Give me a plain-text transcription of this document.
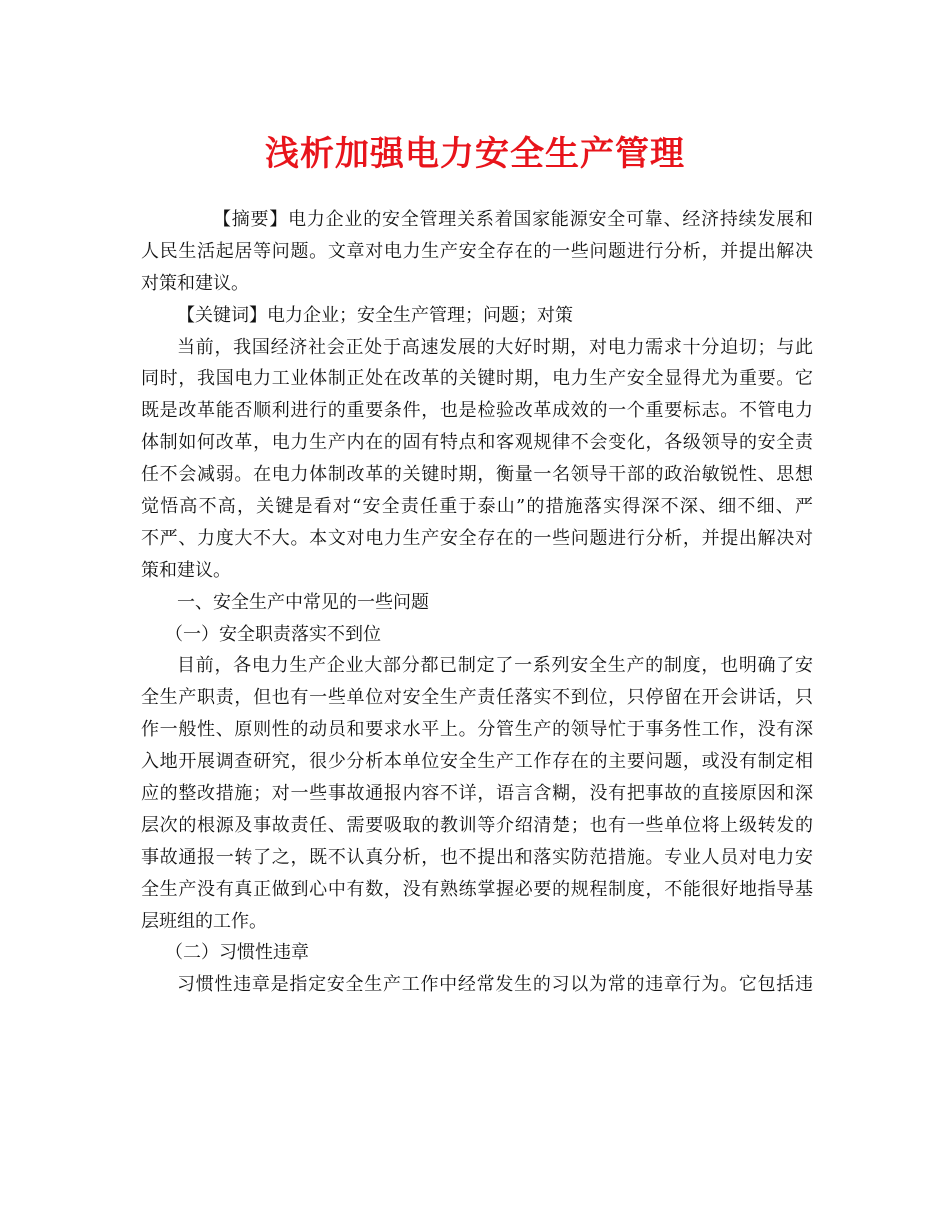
浅析加强电力安全生产管理
【摘要】电力企业的安全管理关系着国家能源安全可靠、经济持续发展和
人民生活起居等问题。文章对电力生产安全存在的一些问题进行分析，并提出解决
对策和建议。
【关键词】电力企业；安全生产管理；问题；对策
当前，我国经济社会正处于高速发展的大好时期，对电力需求十分迫切；与此
同时，我国电力工业体制正处在改革的关键时期，电力生产安全显得尤为重要。它
既是改革能否顺利进行的重要条件，也是检验改革成效的一个重要标志。不管电力
体制如何改革，电力生产内在的固有特点和客观规律不会变化，各级领导的安全责
任不会减弱。在电力体制改革的关键时期，衡量一名领导干部的政治敏锐性、思想
觉悟高不高，关键是看对“安全责任重于泰山”的措施落实得深不深、细不细、严
不严、力度大不大。本文对电力生产安全存在的一些问题进行分析，并提出解决对
策和建议。
一、安全生产中常见的一些问题
（一）安全职责落实不到位
目前，各电力生产企业大部分都已制定了一系列安全生产的制度，也明确了安
全生产职责，但也有一些单位对安全生产责任落实不到位，只停留在开会讲话，只
作一般性、原则性的动员和要求水平上。分管生产的领导忙于事务性工作，没有深
入地开展调查研究，很少分析本单位安全生产工作存在的主要问题，或没有制定相
应的整改措施；对一些事故通报内容不详，语言含糊，没有把事故的直接原因和深
层次的根源及事故责任、需要吸取的教训等介绍清楚；也有一些单位将上级转发的
事故通报一转了之，既不认真分析，也不提出和落实防范措施。专业人员对电力安
全生产没有真正做到心中有数，没有熟练掌握必要的规程制度，不能很好地指导基
层班组的工作。
（二）习惯性违章
习惯性违章是指定安全生产工作中经常发生的习以为常的违章行为。它包括违
